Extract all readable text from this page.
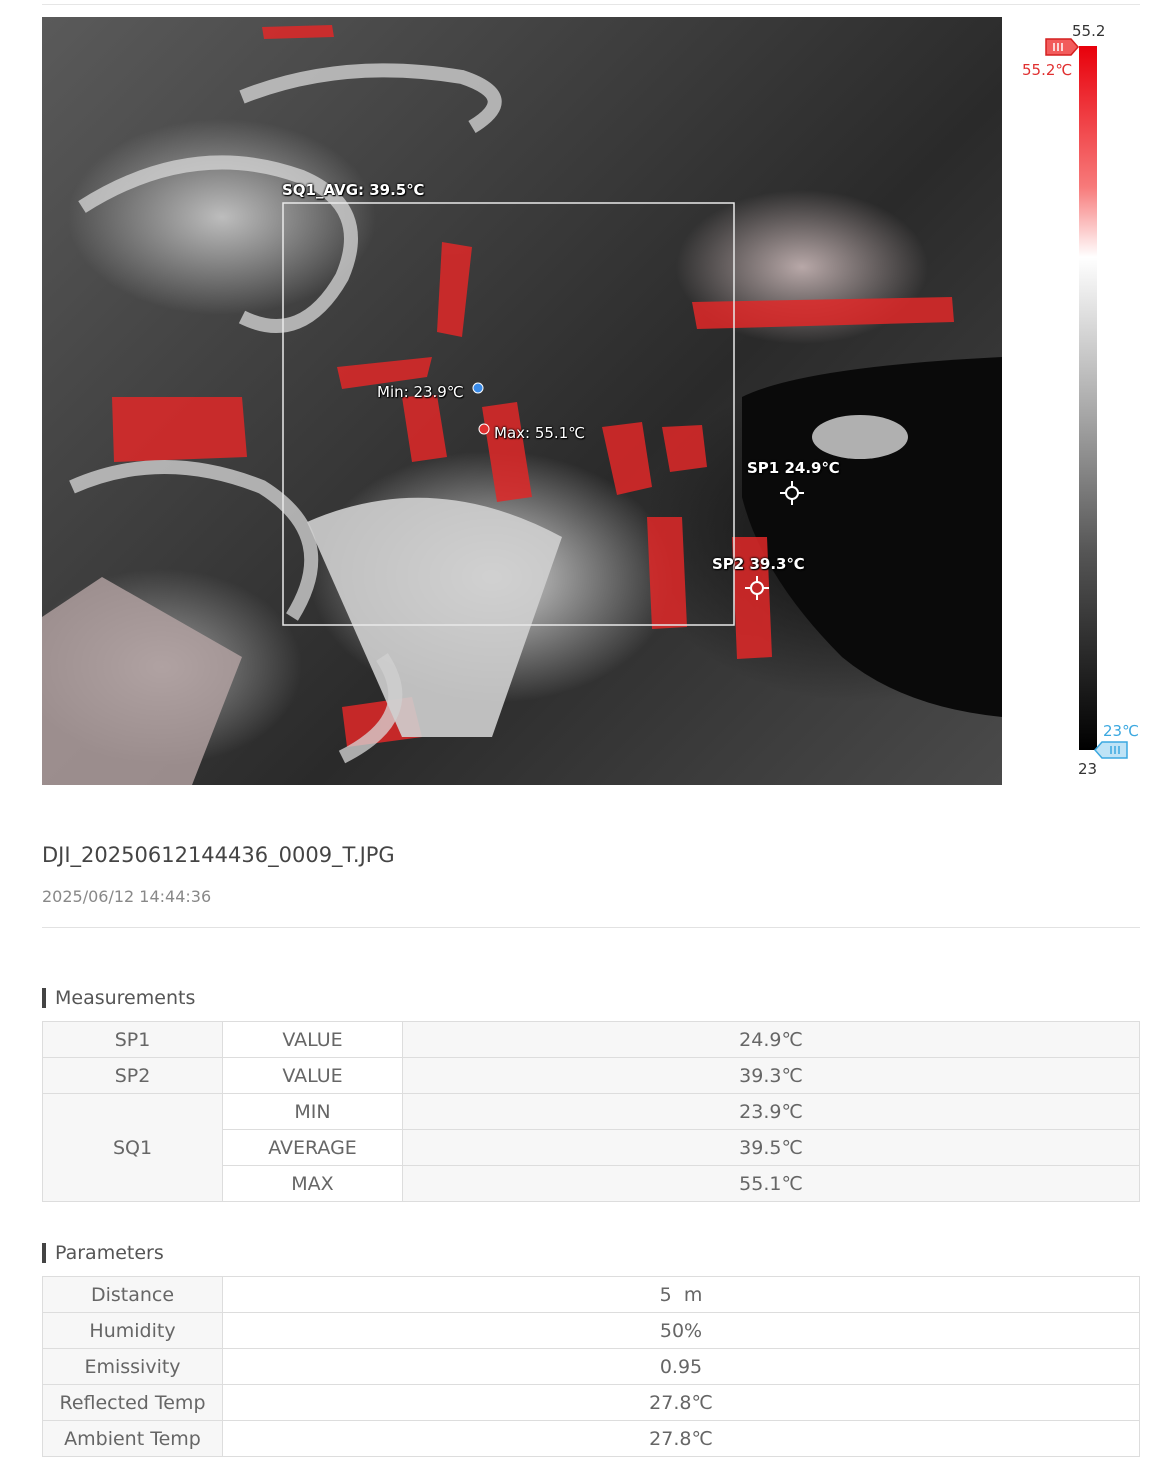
SQ1_AVG: 39.5℃
Min: 23.9℃
Max: 55.1℃
SP1 24.9℃
SP2 39.3℃
55.2
55.2℃
23℃
23
DJI_20250612144436_0009_T.JPG
2025/06/12 14:44:36
Measurements
SP1	VALUE	24.9℃
SP2	VALUE	39.3℃
SQ1	MIN	23.9℃
	AVERAGE	39.5℃
	MAX	55.1℃
Parameters
Distance	5  m
Humidity	50%
Emissivity	0.95
Reflected Temp	27.8℃
Ambient Temp	27.8℃
